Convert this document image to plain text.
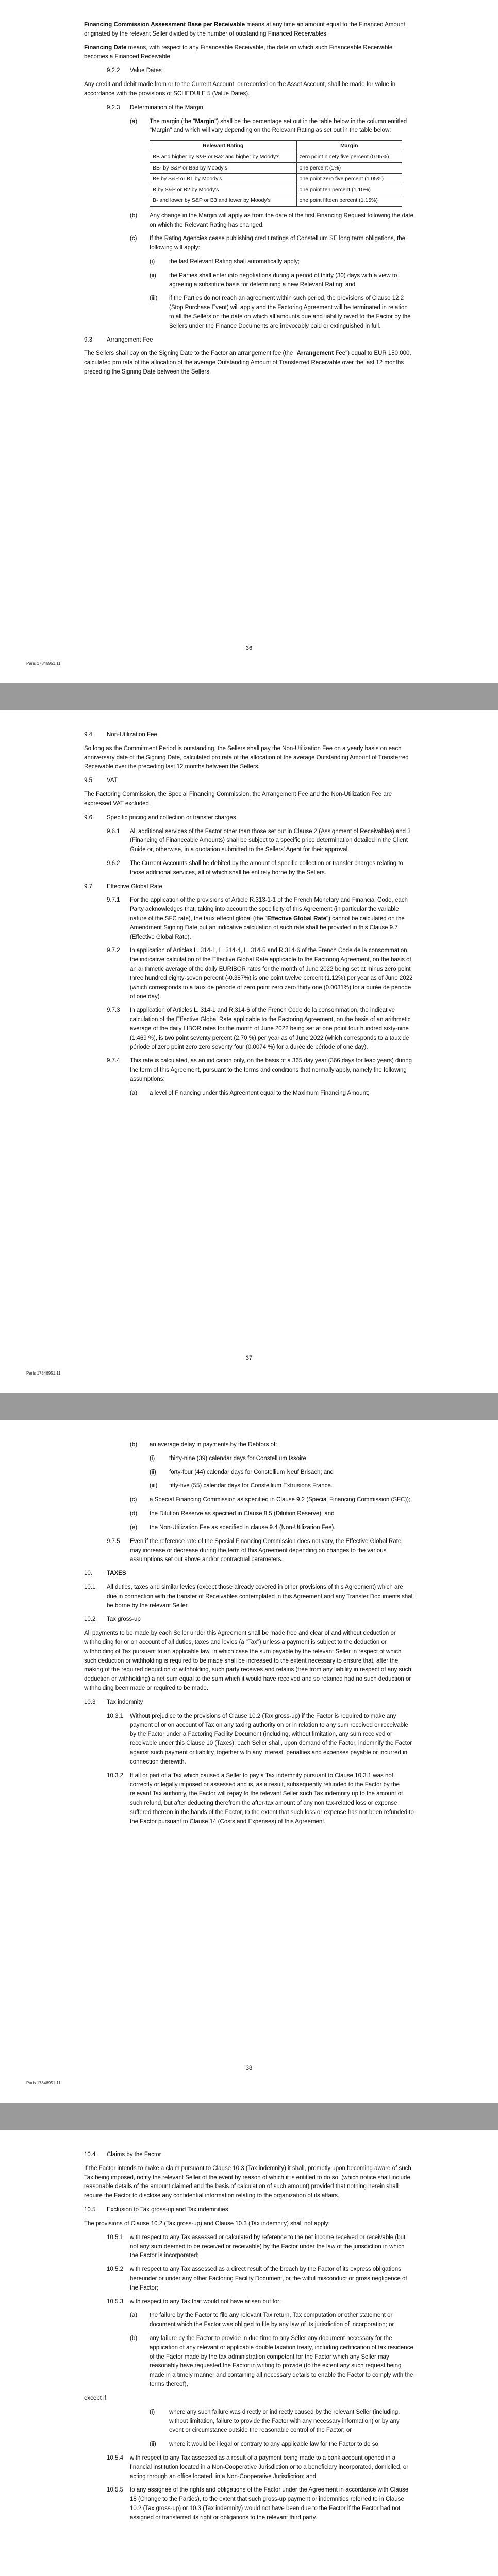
Financing Commission Assessment Base per Receivable means at any time an amount equal to the Financed Amount originated by the relevant Seller divided by the number of outstanding Financed Receivables.

Financing Date means, with respect to any Financeable Receivable, the date on which such Financeable Receivable becomes a Financed Receivable.

9.2.2	Value Dates

Any credit and debit made from or to the Current Account, or recorded on the Asset Account, shall be made for value in accordance with the provisions of SCHEDULE 5 (Value Dates).

9.2.3	Determination of the Margin
(a)	The margin (the "Margin") shall be the percentage set out in the table below in the column entitled "Margin" and which will vary depending on the Relevant Rating as set out in the table below:
Relevant Rating	Margin
BB and higher by S&P or Ba2 and higher by Moody's	zero point ninety five percent (0.95%)
BB- by S&P or Ba3 by Moody's	one percent (1%)
B+ by S&P or B1 by Moody's	one point zero five percent (1.05%)
B by S&P or B2 by Moody's	one point ten percent (1.10%)
B- and lower by S&P or B3 and lower by Moody's	one point fifteen percent (1.15%)
(b)	Any change in the Margin will apply as from the date of the first Financing Request following the date on which the Relevant Rating has changed.
(c)	If the Rating Agencies cease publishing credit ratings of Constellium SE long term obligations, the following will apply:
(i)	the last Relevant Rating shall automatically apply;
(ii)	the Parties shall enter into negotiations during a period of thirty (30) days with a view to agreeing a substitute basis for determining a new Relevant Rating; and
(iii)	if the Parties do not reach an agreement within such period, the provisions of Clause 12.2 (Stop Purchase Event) will apply and the Factoring Agreement will be terminated in relation to all the Sellers on the date on which all amounts due and liability owed to the Factor by the Sellers under the Finance Documents are irrevocably paid or extinguished in full.
9.3	Arrangement Fee

The Sellers shall pay on the Signing Date to the Factor an arrangement fee (the "Arrangement Fee") equal to EUR 150,000, calculated pro rata of the allocation of the average Outstanding Amount of Transferred Receivable over the last 12 months preceding the Signing Date between the Sellers.

36
Paris 17846951.11
9.4	Non-Utilization Fee

So long as the Commitment Period is outstanding, the Sellers shall pay the Non-Utilization Fee on a yearly basis on each anniversary date of the Signing Date, calculated pro rata of the allocation of the average Outstanding Amount of Transferred Receivable over the preceding last 12 months between the Sellers.

9.5	VAT

The Factoring Commission, the Special Financing Commission, the Arrangement Fee and the Non-Utilization Fee are expressed VAT excluded.

9.6	Specific pricing and collection or transfer charges
9.6.1	All additional services of the Factor other than those set out in Clause 2 (Assignment of Receivables) and 3 (Financing of Financeable Amounts) shall be subject to a specific price determination detailed in the Client Guide or, otherwise, in a quotation submitted to the Sellers' Agent for their approval.
9.6.2	The Current Accounts shall be debited by the amount of specific collection or transfer charges relating to those additional services, all of which shall be entirely borne by the Sellers.
9.7	Effective Global Rate
9.7.1	For the application of the provisions of Article R.313-1-1 of the French Monetary and Financial Code, each Party acknowledges that, taking into account the specificity of this Agreement (in particular the variable nature of the SFC rate), the taux effectif global (the "Effective Global Rate") cannot be calculated on the Amendment Signing Date but an indicative calculation of such rate shall be provided in this Clause 9.7 (Effective Global Rate).
9.7.2	In application of Articles L. 314-1, L. 314-4, L. 314-5 and R.314-6 of the French Code de la consommation, the indicative calculation of the Effective Global Rate applicable to the Factoring Agreement, on the basis of an arithmetic average of the daily EURIBOR rates for the month of June 2022 being set at minus zero point three hundred eighty-seven percent (-0.387%) is one point twelve percent (1.12%) per year as of June 2022 (which corresponds to a taux de période of zero point zero zero thirty one (0.0031%) for a durée de période of one day).
9.7.3	In application of Articles L. 314-1 and R.314-6 of the French Code de la consommation, the indicative calculation of the Effective Global Rate applicable to the Factoring Agreement, on the basis of an arithmetic average of the daily LIBOR rates for the month of June 2022 being set at one point four hundred sixty-nine (1.469 %), is two point seventy percent (2.70 %) per year as of June 2022 (which corresponds to a taux de période of zero point zero zero seventy four (0.0074 %) for a durée de période of one day).
9.7.4	This rate is calculated, as an indication only, on the basis of a 365 day year (366 days for leap years) during the term of this Agreement, pursuant to the terms and conditions that normally apply, namely the following assumptions:
(a)	a level of Financing under this Agreement equal to the Maximum Financing Amount;
37
Paris 17846951.11
(b)	an average delay in payments by the Debtors of:
(i)	thirty-nine (39) calendar days for Constellium Issoire;
(ii)	forty-four (44) calendar days for Constellium Neuf Brisach; and
(iii)	fifty-five (55) calendar days for Constellium Extrusions France.
(c)	a Special Financing Commission as specified in Clause 9.2 (Special Financing Commission (SFC));
(d)	the Dilution Reserve as specified in Clause 8.5 (Dilution Reserve); and
(e)	the Non-Utilization Fee as specified in clause 9.4 (Non-Utilization Fee).
9.7.5	Even if the reference rate of the Special Financing Commission does not vary, the Effective Global Rate may increase or decrease during the term of this Agreement depending on changes to the various assumptions set out above and/or contractual parameters.
10.	TAXES
10.1	All duties, taxes and similar levies (except those already covered in other provisions of this Agreement) which are due in connection with the transfer of Receivables contemplated in this Agreement and any Transfer Documents shall be borne by the relevant Seller.
10.2	Tax gross-up

All payments to be made by each Seller under this Agreement shall be made free and clear of and without deduction or withholding for or on account of all duties, taxes and levies (a "Tax") unless a payment is subject to the deduction or withholding of Tax pursuant to an applicable law, in which case the sum payable by the relevant Seller in respect of which such deduction or withholding is required to be made shall be increased to the extent necessary to ensure that, after the making of the required deduction or withholding, such party receives and retains (free from any liability in respect of any such deduction or withholding) a net sum equal to the sum which it would have received and so retained had no such deduction or withholding been made or required to be made.

10.3	Tax indemnity
10.3.1	Without prejudice to the provisions of Clause 10.2 (Tax gross-up) if the Factor is required to make any payment of or on account of Tax on any taxing authority on or in relation to any sum received or receivable by the Factor under a Factoring Facility Document (including, without limitation, any sum received or receivable under this Clause 10 (Taxes), each Seller shall, upon demand of the Factor, indemnify the Factor against such payment or liability, together with any interest, penalties and expenses payable or incurred in connection therewith.
10.3.2	If all or part of a Tax which caused a Seller to pay a Tax indemnity pursuant to Clause 10.3.1 was not correctly or legally imposed or assessed and is, as a result, subsequently refunded to the Factor by the relevant Tax authority, the Factor will repay to the relevant Seller such Tax indemnity up to the amount of such refund, but after deducting therefrom the after-tax amount of any non tax-related loss or expense suffered thereon in the hands of the Factor, to the extent that such loss or expense has not been refunded to the Factor pursuant to Clause 14 (Costs and Expenses) of this Agreement.
38
Paris 17846951.11
10.4	Claims by the Factor

If the Factor intends to make a claim pursuant to Clause 10.3 (Tax indemnity) it shall, promptly upon becoming aware of such Tax being imposed, notify the relevant Seller of the event by reason of which it is entitled to do so, (which notice shall include reasonable details of the amount claimed and the basis of calculation of such amount) provided that nothing herein shall require the Factor to disclose any confidential information relating to the organization of its affairs.

10.5	Exclusion to Tax gross-up and Tax indemnities

The provisions of Clause 10.2 (Tax gross-up) and Clause 10.3 (Tax indemnity) shall not apply:

10.5.1	with respect to any Tax assessed or calculated by reference to the net income received or receivable (but not any sum deemed to be received or receivable) by the Factor under the law of the jurisdiction in which the Factor is incorporated;
10.5.2	with respect to any Tax assessed as a direct result of the breach by the Factor of its express obligations hereunder or under any other Factoring Facility Document, or the wilful misconduct or gross negligence of the Factor;
10.5.3	with respect to any Tax that would not have arisen but for:
(a)	the failure by the Factor to file any relevant Tax return, Tax computation or other statement or document which the Factor was obliged to file by any law of its jurisdiction of incorporation; or
(b)	any failure by the Factor to provide in due time to any Seller any document necessary for the application of any relevant or applicable double taxation treaty, including certification of tax residence of the Factor made by the tax administration competent for the Factor which any Seller may reasonably have requested the Factor in writing to provide (to the extent any such request being made in a timely manner and containing all necessary details to enable the Factor to comply with the terms thereof),

except if:

(i)	where any such failure was directly or indirectly caused by the relevant Seller (including, without limitation, failure to provide the Factor with any necessary information) or by any event or circumstance outside the reasonable control of the Factor; or
(ii)	where it would be illegal or contrary to any applicable law for the Factor to do so.
10.5.4	with respect to any Tax assessed as a result of a payment being made to a bank account opened in a financial institution located in a Non-Cooperative Jurisdiction or to a beneficiary incorporated, domiciled, or acting through an office located, in a Non-Cooperative Jurisdiction; and
10.5.5	to any assignee of the rights and obligations of the Factor under the Agreement in accordance with Clause 18 (Change to the Parties), to the extent that such gross-up payment or indemnities referred to in Clause 10.2 (Tax gross-up) or 10.3 (Tax indemnity) would not have been due to the Factor if the Factor had not assigned or transferred its right or obligations to the relevant third party.
